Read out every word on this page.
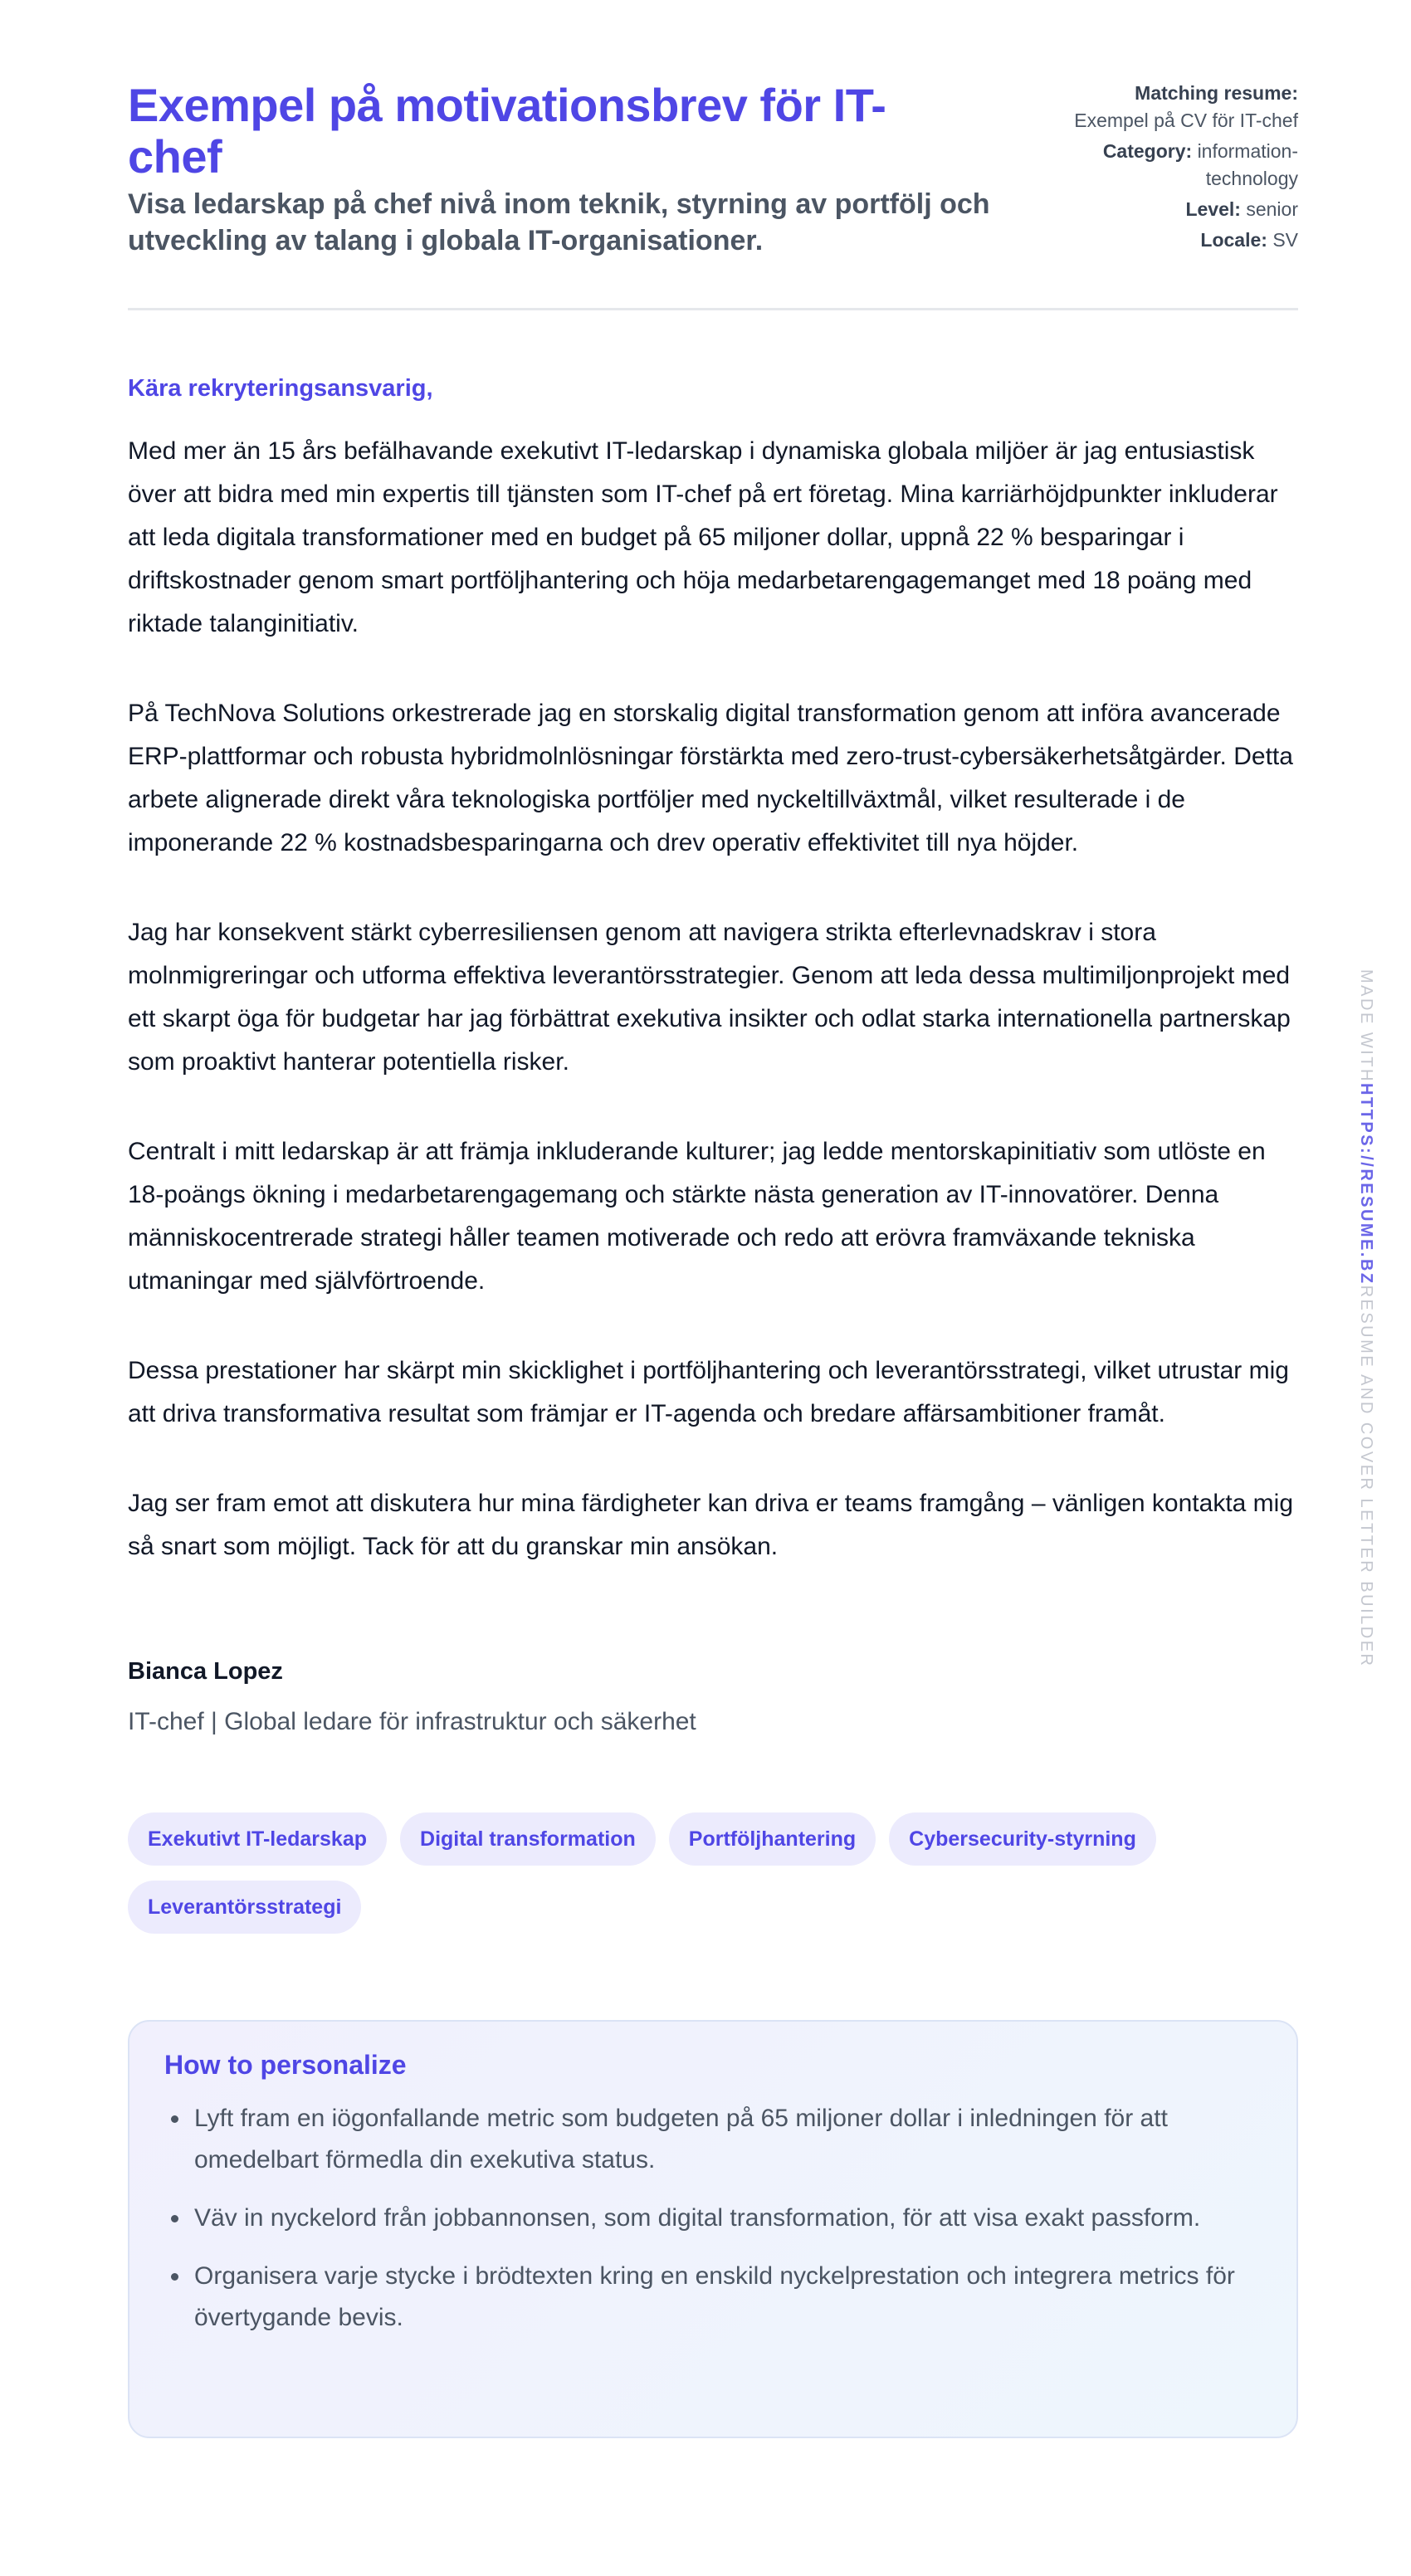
Exempel på motivationsbrev för IT-chef
Visa ledarskap på chef nivå inom teknik, styrning av portfölj och utveckling av talang i globala IT-organisationer.
Matching resume:
Exempel på CV för IT-chef
Category: information-technology
Level: senior
Locale: SV
Kära rekryteringsansvarig,

Med mer än 15 års befälhavande exekutivt IT-ledarskap i dynamiska globala miljöer är jag entusiastisk över att bidra med min expertis till tjänsten som IT-chef på ert företag. Mina karriärhöjdpunkter inkluderar att leda digitala transformationer med en budget på 65 miljoner dollar, uppnå 22 % besparingar i driftskostnader genom smart portföljhantering och höja medarbetarengagemanget med 18 poäng med riktade talanginitiativ.

På TechNova Solutions orkestrerade jag en storskalig digital transformation genom att införa avancerade ERP-plattformar och robusta hybridmolnlösningar förstärkta med zero-trust-cybersäkerhetsåtgärder. Detta arbete alignerade direkt våra teknologiska portföljer med nyckeltillväxtmål, vilket resulterade i de imponerande 22 % kostnadsbesparingarna och drev operativ effektivitet till nya höjder.

Jag har konsekvent stärkt cyberresiliensen genom att navigera strikta efterlevnadskrav i stora molnmigreringar och utforma effektiva leverantörsstrategier. Genom att leda dessa multimiljonprojekt med ett skarpt öga för budgetar har jag förbättrat exekutiva insikter och odlat starka internationella partnerskap som proaktivt hanterar potentiella risker.

Centralt i mitt ledarskap är att främja inkluderande kulturer; jag ledde mentorskapinitiativ som utlöste en 18-poängs ökning i medarbetarengagemang och stärkte nästa generation av IT-innovatörer. Denna människocentrerade strategi håller teamen motiverade och redo att erövra framväxande tekniska utmaningar med självförtroende.

Dessa prestationer har skärpt min skicklighet i portföljhantering och leverantörsstrategi, vilket utrustar mig att driva transformativa resultat som främjar er IT-agenda och bredare affärsambitioner framåt.

Jag ser fram emot att diskutera hur mina färdigheter kan driva er teams framgång – vänligen kontakta mig så snart som möjligt. Tack för att du granskar min ansökan.

Bianca Lopez
IT-chef | Global ledare för infrastruktur och säkerhet
Exekutivt IT-ledarskap	Digital transformation	Portföljhantering	Cybersecurity-styrning
Leverantörsstrategi
How to personalize
Lyft fram en iögonfallande metric som budgeten på 65 miljoner dollar i inledningen för att omedelbart förmedla din exekutiva status.
Väv in nyckelord från jobbannonsen, som digital transformation, för att visa exakt passform.
Organisera varje stycke i brödtexten kring en enskild nyckelprestation och integrera metrics för övertygande bevis.
MADE WITHHTTPS://RESUME.BZRESUME AND COVER LETTER BUILDER
